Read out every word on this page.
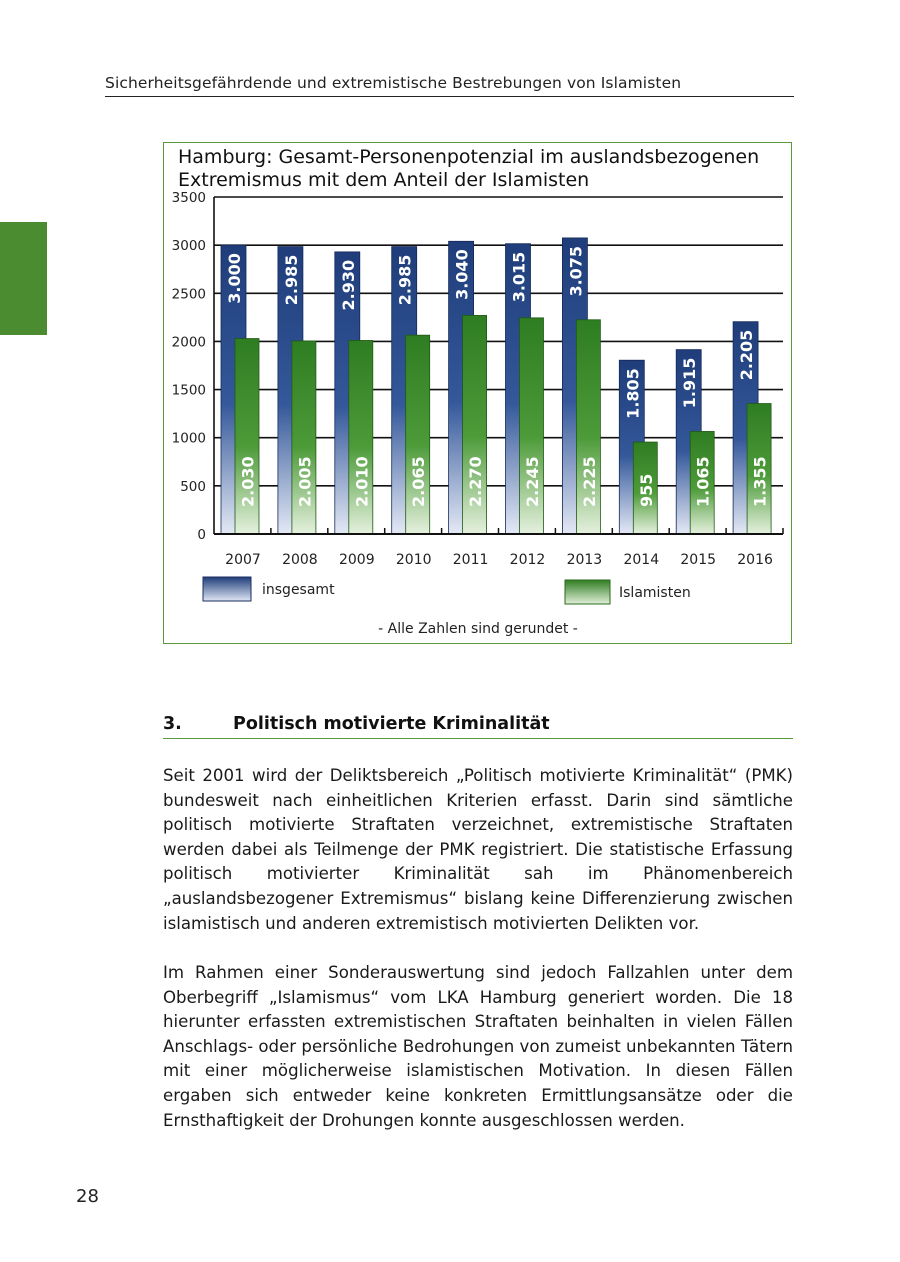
Sicherheitsgefährdende und extremistische Bestrebungen von Islamisten
Hamburg: Gesamt-Personenpotenzial im auslandsbezogenen
Extremismus mit dem Anteil der Islamisten
3.000
2.030
2.985
2.005
2.930
2.010
2.985
2.065
3.040
2.270
3.015
2.245
3.075
2.225
1.805
955
1.915
1.065
2.205
1.355
0
500
1000
1500
2000
2500
3000
3500
2007 2008 2009 2010 2011 2012 2013 2014 2015 2016
insgesamt	Islamisten
- Alle Zahlen sind gerundet -
3.	Politisch motivierte Kriminalität

Seit 2001 wird der Deliktsbereich „Politisch motivierte Kriminalität“ (PMK) bundesweit nach einheitlichen Kriterien erfasst. Darin sind sämtliche politisch motivierte Straftaten verzeichnet, extremistische Straftaten werden dabei als Teilmenge der PMK registriert. Die statistische Erfassung politisch motivierter Kriminalität sah im Phänomenbereich „auslandsbezogener Extremismus“ bislang keine Differenzierung zwischen islamistisch und anderen extremistisch motivierten Delikten vor.

Im Rahmen einer Sonderauswertung sind jedoch Fallzahlen unter dem Oberbegriff „Islamismus“ vom LKA Hamburg generiert worden. Die 18 hierunter erfassten extremistischen Straftaten beinhalten in vielen Fällen Anschlags- oder persönliche Bedrohungen von zumeist unbekannten Tätern mit einer möglicherweise islamistischen Motivation. In diesen Fällen ergaben sich entweder keine konkreten Ermittlungsansätze oder die Ernsthaftigkeit der Drohungen konnte ausgeschlossen werden.

28
